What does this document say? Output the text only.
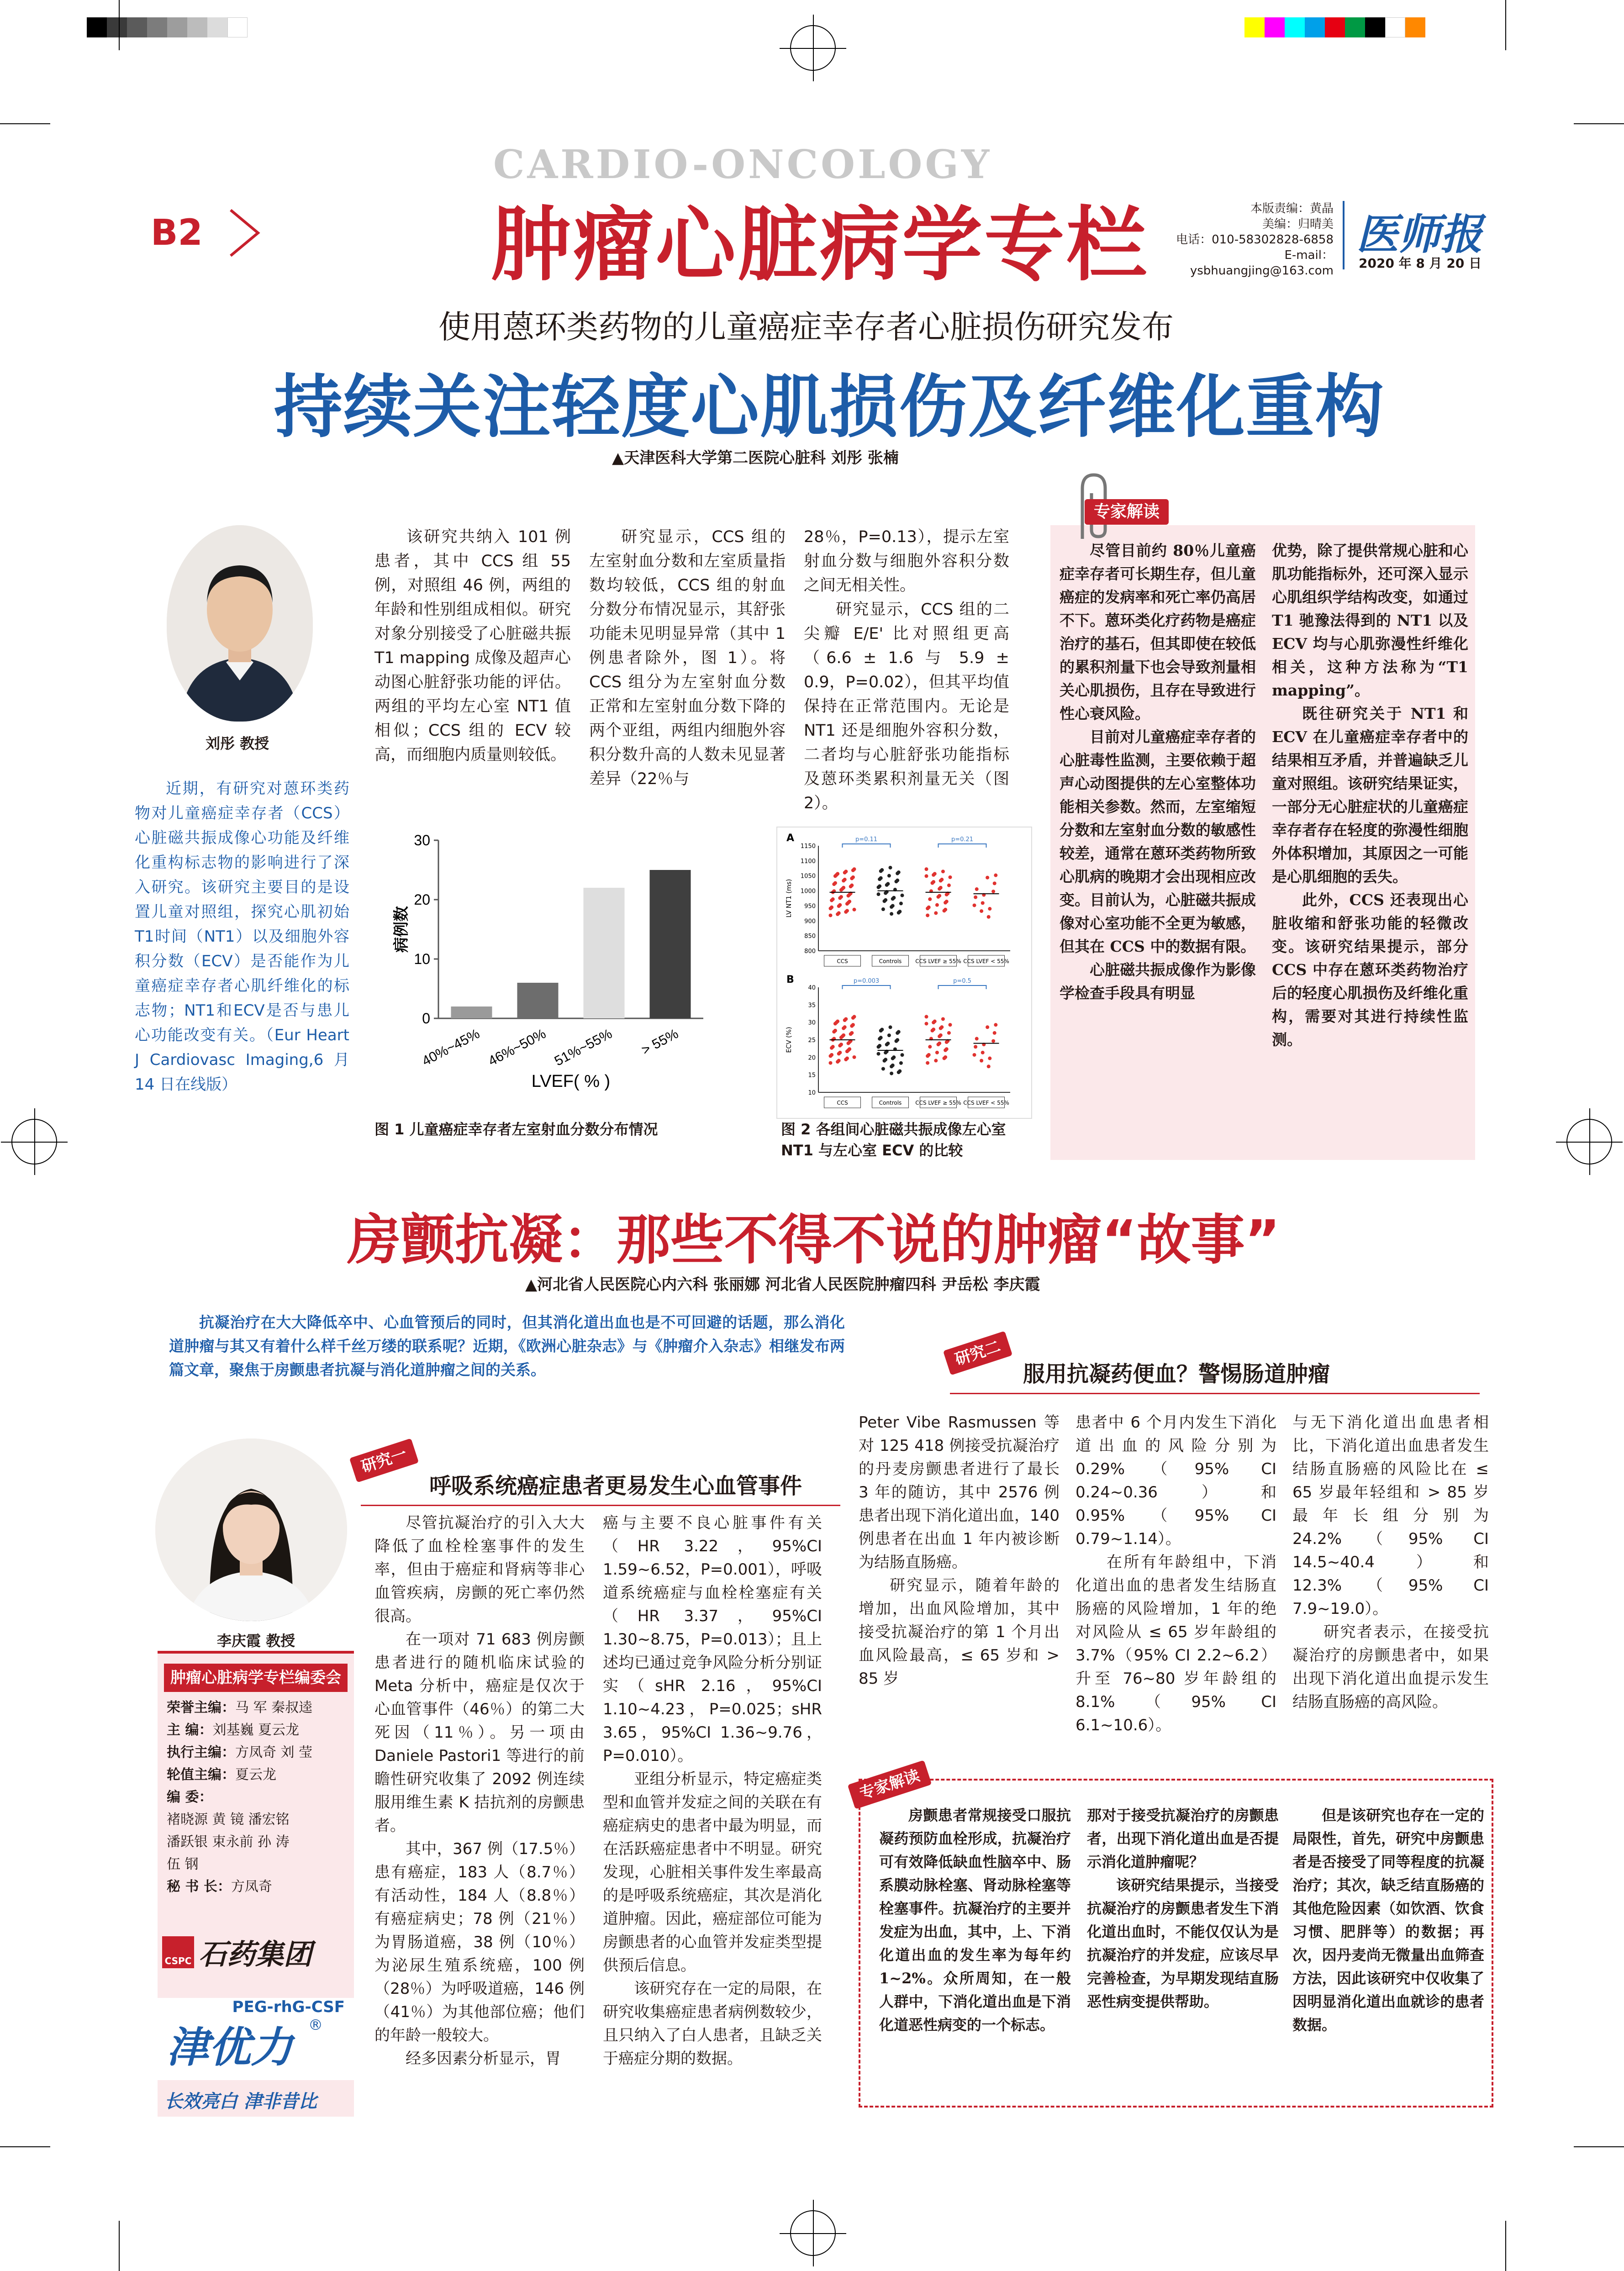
B2
CARDIO-ONCOLOGY
肿瘤心脏病学专栏	本版责编：黄晶
美编：归晴美
电话：010-58302828-6858
E-mail：ysbhuangjing@163.com
医师报
2020 年 8 月 20 日
使用蒽环类药物的儿童癌症幸存者心脏损伤研究发布
持续关注轻度心肌损伤及纤维化重构
▲天津医科大学第二医院心脏科 刘彤 张楠
刘彤 教授
近期，有研究对蒽环类药物对儿童癌症幸存者（CCS）心脏磁共振成像心功能及纤维化重构标志物的影响进行了深入研究。该研究主要目的是设置儿童对照组，探究心肌初始T1时间（NT1）以及细胞外容积分数（ECV）是否能作为儿童癌症幸存者心肌纤维化的标志物；NT1和ECV是否与患儿心功能改变有关。（Eur Heart J Cardiovasc Imaging,6 月 14 日在线版）
该研究共纳入 101 例患者，其中 CCS 组 55 例，对照组 46 例，两组的年龄和性别组成相似。研究对象分别接受了心脏磁共振 T1 mapping 成像及超声心动图心脏舒张功能的评估。两组的平均左心室 NT1 值相似；CCS 组的 ECV 较高，而细胞内质量则较低。
研究显示，CCS 组的左室射血分数和左室质量指数均较低，CCS 组的射血分数分布情况显示，其舒张功能未见明显异常（其中 1 例患者除外，图 1）。将 CCS 组分为左室射血分数正常和左室射血分数下降的两个亚组，两组内细胞外容积分数升高的人数未见显著差异（22％与
28％，P=0.13），提示左室射血分数与细胞外容积分数之间无相关性。
研究显示，CCS 组的二尖瓣 E/E' 比对照组更高（6.6 ± 1.6 与 5.9 ± 0.9，P=0.02），但其平均值保持在正常范围内。无论是 NT1 还是细胞外容积分数，二者均与心脏舒张功能指标及蒽环类累积剂量无关（图 2）。
0
10
20
30
40%~45% 46%~50% 51%~55% > 55%
病例数
LVEF( % )
图 1 儿童癌症幸存者左室射血分数分布情况
A
800
850
900
950
1000
1050
1100
1150
LV NT1 (ms)
CCS	Controls CCS LVEF ≥ 55% CCS LVEF < 55%
p=0.11	p=0.21
B
10
15
20
25
30
35
40
ECV (%)
CCS	Controls CCS LVEF ≥ 55% CCS LVEF < 55%
p=0.003	p=0.5
图 2 各组间心脏磁共振成像左心室 NT1 与左心室 ECV 的比较
专家解读

尽管目前约 80％儿童癌症幸存者可长期生存，但儿童癌症的发病率和死亡率仍高居不下。蒽环类化疗药物是癌症治疗的基石，但其即使在较低的累积剂量下也会导致剂量相关心肌损伤，且存在导致进行性心衰风险。

目前对儿童癌症幸存者的心脏毒性监测，主要依赖于超声心动图提供的左心室整体功能相关参数。然而，左室缩短分数和左室射血分数的敏感性较差，通常在蒽环类药物所致心肌病的晚期才会出现相应改变。目前认为，心脏磁共振成像对心室功能不全更为敏感，但其在 CCS 中的数据有限。

心脏磁共振成像作为影像学检查手段具有明显

优势，除了提供常规心脏和心肌功能指标外，还可深入显示心肌组织学结构改变，如通过 T1 驰豫法得到的 NT1 以及 ECV 均与心肌弥漫性纤维化相关，这种方法称为“T1 mapping”。

既往研究关于 NT1 和 ECV 在儿童癌症幸存者中的结果相互矛盾，并普遍缺乏儿童对照组。该研究结果证实，一部分无心脏症状的儿童癌症幸存者存在轻度的弥漫性细胞外体积增加，其原因之一可能是心肌细胞的丢失。

此外，CCS 还表现出心脏收缩和舒张功能的轻微改变。该研究结果提示，部分 CCS 中存在蒽环类药物治疗后的轻度心肌损伤及纤维化重构，需要对其进行持续性监测。

房颤抗凝：那些不得不说的肿瘤“故事”
▲河北省人民医院心内六科 张丽娜 河北省人民医院肿瘤四科 尹岳松 李庆霞
抗凝治疗在大大降低卒中、心血管预后的同时，但其消化道出血也是不可回避的话题，那么消化道肿瘤与其又有着什么样千丝万缕的联系呢？近期，《欧洲心脏杂志》与《肿瘤介入杂志》相继发布两篇文章，聚焦于房颤患者抗凝与消化道肿瘤之间的关系。
李庆霞 教授
肿瘤心脏病学专栏编委会
荣誉主编：马 军 秦叔逵
主 编：刘基巍 夏云龙
执行主编：方凤奇 刘 莹
轮值主编：夏云龙
编 委：
褚晓源 黄 镜 潘宏铭
潘跃银 束永前 孙 涛
伍 钢
秘 书 长：方凤奇
CSPC 石药集团
PEG-rhG-CSF
津优力 ®
长效亮白 津非昔比
研究一
呼吸系统癌症患者更易发生心血管事件

尽管抗凝治疗的引入大大降低了血栓栓塞事件的发生率，但由于癌症和肾病等非心血管疾病，房颤的死亡率仍然很高。

在一项对 71 683 例房颤患者进行的随机临床试验的 Meta 分析中，癌症是仅次于心血管事件（46％）的第二大死因（11％）。另一项由 Daniele Pastori1 等进行的前瞻性研究收集了 2092 例连续服用维生素 K 拮抗剂的房颤患者。

其中，367 例（17.5％）患有癌症，183 人（8.7％）有活动性，184 人（8.8％）有癌症病史；78 例（21％）为胃肠道癌，38 例（10％）为泌尿生殖系统癌，100 例（28％）为呼吸道癌，146 例（41％）为其他部位癌；他们的年龄一般较大。

经多因素分析显示，胃

癌与主要不良心脏事件有关（HR 3.22，95%CI 1.59~6.52，P=0.001），呼吸道系统癌症与血栓栓塞症有关（HR 3.37，95%CI 1.30~8.75，P=0.013）；且上述均已通过竞争风险分析分别证实（sHR 2.16，95%CI 1.10~4.23，P=0.025；sHR 3.65，95%CI 1.36~9.76，P=0.010）。

亚组分析显示，特定癌症类型和血管并发症之间的关联在有癌症病史的患者中最为明显，而在活跃癌症患者中不明显。研究发现，心脏相关事件发生率最高的是呼吸系统癌症，其次是消化道肿瘤。因此，癌症部位可能为房颤患者的心血管并发症类型提供预后信息。

该研究存在一定的局限，在研究收集癌症患者病例数较少，且只纳入了白人患者，且缺乏关于癌症分期的数据。

研究二
服用抗凝药便血？警惕肠道肿瘤

Peter Vibe Rasmussen 等对 125 418 例接受抗凝治疗的丹麦房颤患者进行了最长 3 年的随访，其中 2576 例患者出现下消化道出血，140 例患者在出血 1 年内被诊断为结肠直肠癌。

研究显示，随着年龄的增加，出血风险增加，其中接受抗凝治疗的第 1 个月出血风险最高，≤ 65 岁和 > 85 岁

患者中 6 个月内发生下消化道出血的风险分别为 0.29%（95% CI 0.24~0.36）和 0.95%（95% CI 0.79~1.14）。

在所有年龄组中，下消化道出血的患者发生结肠直肠癌的风险增加，1 年的绝对风险从 ≤ 65 岁年龄组的 3.7%（95% CI 2.2~6.2）升至 76~80 岁年龄组的 8.1%（95% CI 6.1~10.6）。

与无下消化道出血患者相比，下消化道出血患者发生结肠直肠癌的风险比在 ≤ 65 岁最年轻组和 > 85 岁最年长组分别为 24.2%（95% CI 14.5~40.4）和 12.3%（95% CI 7.9~19.0）。

研究者表示，在接受抗凝治疗的房颤患者中，如果出现下消化道出血提示发生结肠直肠癌的高风险。

专家解读
房颤患者常规接受口服抗凝药预防血栓形成，抗凝治疗可有效降低缺血性脑卒中、肠系膜动脉栓塞、肾动脉栓塞等栓塞事件。抗凝治疗的主要并发症为出血，其中，上、下消化道出血的发生率为每年约 1~2%。众所周知，在一般人群中，下消化道出血是下消化道恶性病变的一个标志。

那对于接受抗凝治疗的房颤患者，出现下消化道出血是否提示消化道肿瘤呢？

该研究结果提示，当接受抗凝治疗的房颤患者发生下消化道出血时，不能仅仅认为是抗凝治疗的并发症，应该尽早完善检查，为早期发现结直肠恶性病变提供帮助。

但是该研究也存在一定的局限性，首先，研究中房颤患者是否接受了同等程度的抗凝治疗；其次，缺乏结直肠癌的其他危险因素（如饮酒、饮食习惯、肥胖等）的数据；再次，因丹麦尚无微量出血筛查方法，因此该研究中仅收集了因明显消化道出血就诊的患者数据。
